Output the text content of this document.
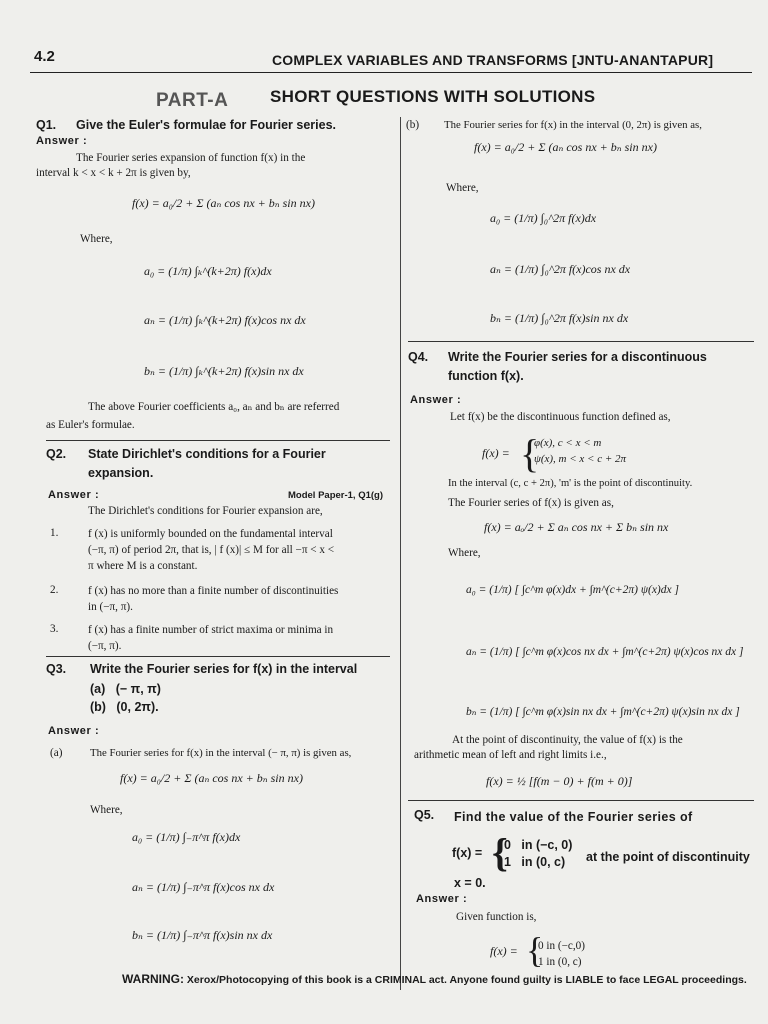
4.2	COMPLEX VARIABLES AND TRANSFORMS [JNTU-ANANTAPUR]
PART-A SHORT QUESTIONS WITH SOLUTIONS
Q1. Give the Euler's formulae for Fourier series.
Answer :
The Fourier series expansion of function f(x) in the
interval k < x < k + 2π is given by,
f(x) = a₀/2 + Σ (aₙ cos nx + bₙ sin nx)
Where,
a₀ = (1/π) ∫ₖ^(k+2π) f(x)dx
aₙ = (1/π) ∫ₖ^(k+2π) f(x)cos nx dx
bₙ = (1/π) ∫ₖ^(k+2π) f(x)sin nx dx
The above Fourier coefficients a₀, aₙ and bₙ are referred
as Euler's formulae.
Q2. State Dirichlet's conditions for a Fourier
expansion.
Answer :	Model Paper-1, Q1(g)
The Dirichlet's conditions for Fourier expansion are,
1.	f (x) is uniformly bounded on the fundamental interval
(−π, π) of period 2π, that is, | f (x)| ≤ M for all −π < x <
π where M is a constant.
2.	f (x) has no more than a finite number of discontinuities
in (−π, π).
3.	f (x) has a finite number of strict maxima or minima in
(−π, π).
Q3. Write the Fourier series for f(x) in the interval
(a)   (− π, π)
(b)   (0, 2π).
Answer :
(a)	The Fourier series for f(x) in the interval (− π, π) is given as,
f(x) = a₀/2 + Σ (aₙ cos nx + bₙ sin nx)
Where,
a₀ = (1/π) ∫₋π^π f(x)dx
aₙ = (1/π) ∫₋π^π f(x)cos nx dx
bₙ = (1/π) ∫₋π^π f(x)sin nx dx
(b) The Fourier series for f(x) in the interval (0, 2π) is given as,
f(x) = a₀/2 + Σ (aₙ cos nx + bₙ sin nx)
Where,
a₀ = (1/π) ∫₀^2π f(x)dx
aₙ = (1/π) ∫₀^2π f(x)cos nx dx
bₙ = (1/π) ∫₀^2π f(x)sin nx dx
Q4. Write the Fourier series for a discontinuous
function f(x).
Answer :
Let f(x) be the discontinuous function defined as,
f(x) = {
φ(x), c < x < m
ψ(x), m < x < c + 2π
In the interval (c, c + 2π), 'm' is the point of discontinuity.
The Fourier series of f(x) is given as,
f(x) = aₒ/2 + Σ aₙ cos nx + Σ bₙ sin nx
Where,
a₀ = (1/π) [ ∫c^m φ(x)dx + ∫m^(c+2π) ψ(x)dx ]
aₙ = (1/π) [ ∫c^m φ(x)cos nx dx + ∫m^(c+2π) ψ(x)cos nx dx ]
bₙ = (1/π) [ ∫c^m φ(x)sin nx dx + ∫m^(c+2π) ψ(x)sin nx dx ]
At the point of discontinuity, the value of f(x) is the
arithmetic mean of left and right limits i.e.,
f(x) = ½ [f(m − 0) + f(m + 0)]
Q5. Find the value of the Fourier series of
f(x) = {
0   in (−c, 0)
1   in (0, c) at the point of discontinuity
x = 0.
Answer :
Given function is,
f(x) = {
0 in (−c,0)
1 in (0, c)
WARNING: Xerox/Photocopying of this book is a CRIMINAL act. Anyone found guilty is LIABLE to face LEGAL proceedings.
